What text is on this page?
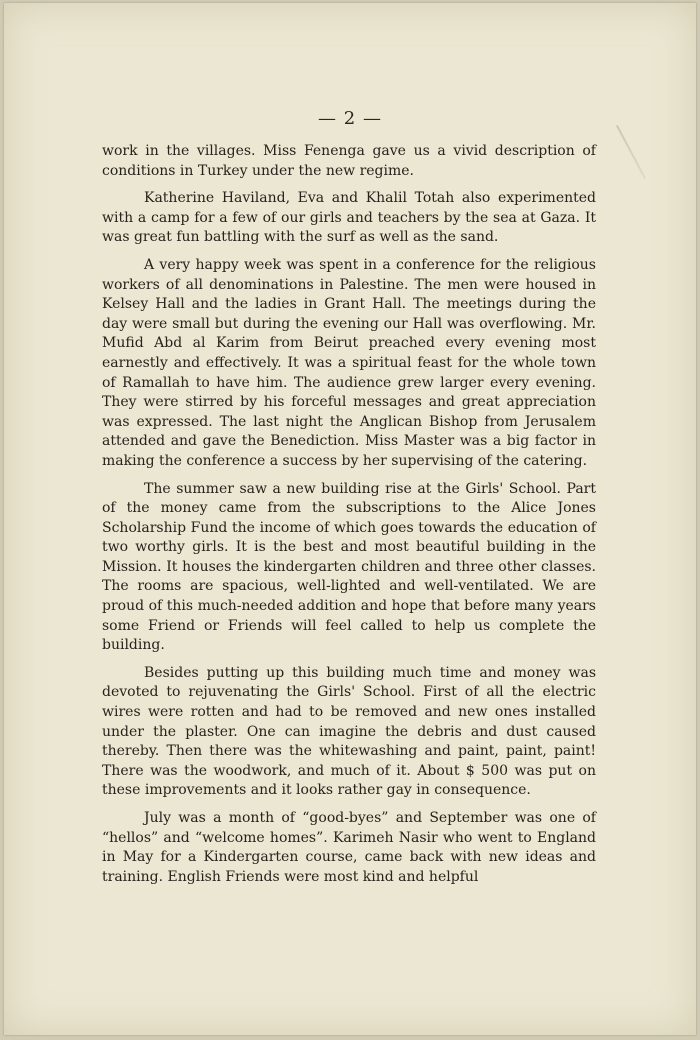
— 2 —

work in the villages. Miss Fenenga gave us a vivid description of conditions in Turkey under the new regime.

Katherine Haviland, Eva and Khalil Totah also experimented with a camp for a few of our girls and teachers by the sea at Gaza. It was great fun battling with the surf as well as the sand.

A very happy week was spent in a conference for the religious workers of all denominations in Palestine. The men were housed in Kelsey Hall and the ladies in Grant Hall. The meetings during the day were small but during the evening our Hall was overflowing. Mr. Mufid Abd al Karim from Beirut preached every evening most earnestly and effectively. It was a spiritual feast for the whole town of Ramallah to have him. The audience grew larger every evening. They were stirred by his forceful messages and great appreciation was expressed. The last night the Anglican Bishop from Jerusalem attended and gave the Benediction. Miss Master was a big factor in making the conference a success by her supervising of the catering.

The summer saw a new building rise at the Girls' School. Part of the money came from the subscriptions to the Alice Jones Scholarship Fund the income of which goes towards the education of two worthy girls. It is the best and most beautiful building in the Mission. It houses the kindergarten children and three other classes. The rooms are spacious, well-lighted and well-ventilated. We are proud of this much-needed addition and hope that before many years some Friend or Friends will feel called to help us complete the building.

Besides putting up this building much time and money was devoted to rejuvenating the Girls' School. First of all the electric wires were rotten and had to be removed and new ones installed under the plaster. One can imagine the debris and dust caused thereby. Then there was the whitewashing and paint, paint, paint! There was the woodwork, and much of it. About $ 500 was put on these improvements and it looks rather gay in consequence.

July was a month of “good-byes” and September was one of “hellos” and “welcome homes”. Karimeh Nasir who went to England in May for a Kindergarten course, came back with new ideas and training. English Friends were most kind and helpful
